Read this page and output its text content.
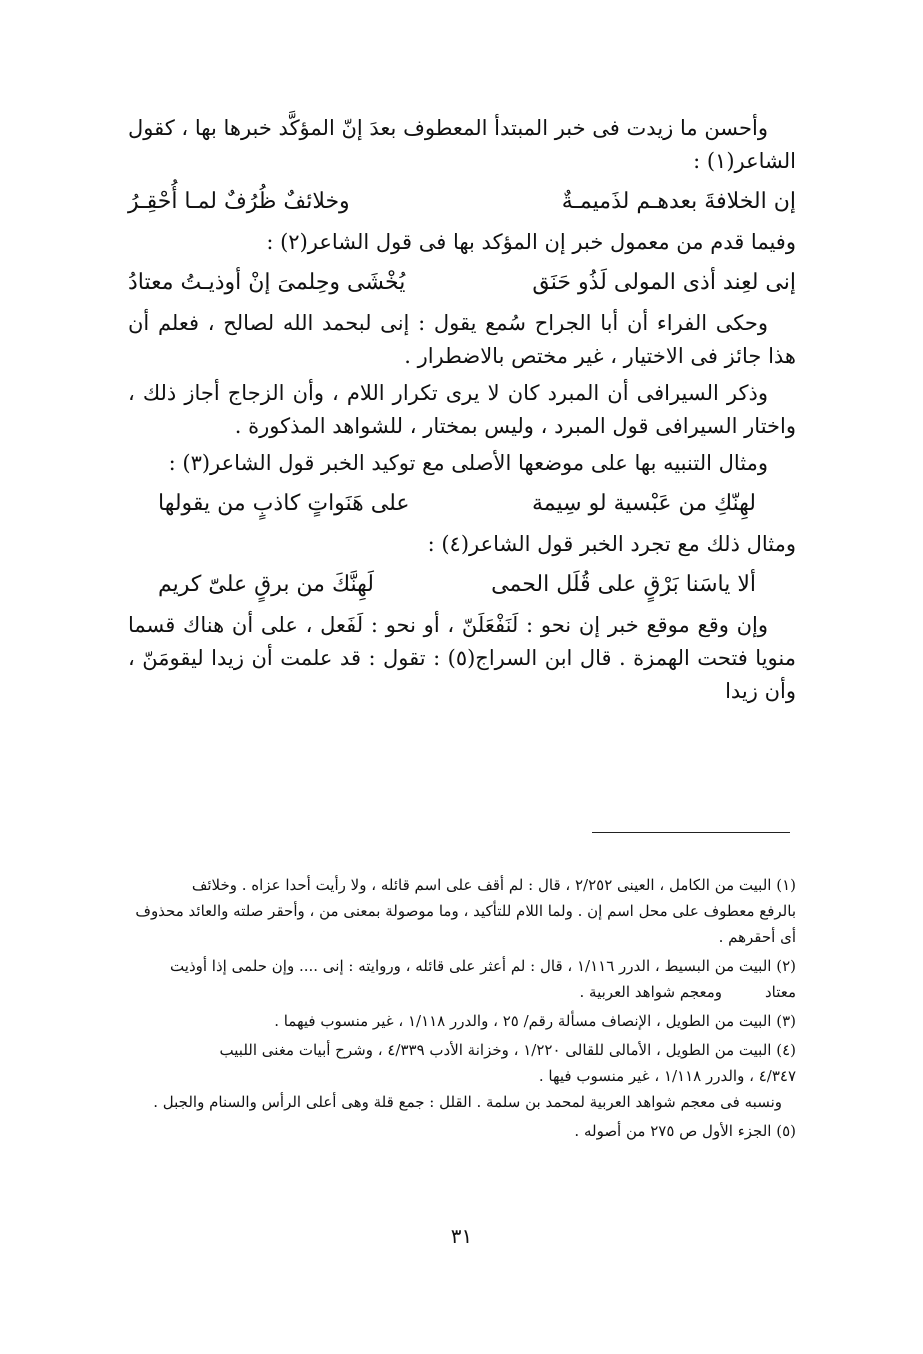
وأحسن ما زيدت فى خبر المبتدأ المعطوف بعدَ إنّ المؤكَّد خبرها بها ، كقول الشاعر(١) :

إن الخلافةَ بعدهـم لذَميمـةٌ
وخلائفٌ ظُرُفٌ لمـا أُحْقِـرُ

وفيما قدم من معمول خبر إن المؤكد بها فى قول الشاعر(٢) :

إنى لعِند أذى المولى لَذُو حَنَق
يُخْشَى وحِلمىَ إنْ أوذيـتُ معتادُ

وحكى الفراء أن أبا الجراح سُمع يقول : إنى لبحمد الله لصالح ، فعلم أن هذا جائز فى الاختيار ، غير مختص بالاضطرار .

وذكر السيرافى أن المبرد كان لا يرى تكرار اللام ، وأن الزجاج أجاز ذلك ، واختار السيرافى قول المبرد ، وليس بمختار ، للشواهد المذكورة .

ومثال التنبيه بها على موضعها الأصلى مع توكيد الخبر قول الشاعر(٣) :

لهِنّكِ من عَبْسية لو سِيمة
على هَنَواتٍ كاذبٍ من يقولها

ومثال ذلك مع تجرد الخبر قول الشاعر(٤) :

ألا ياسَنا بَرْقٍ على قُلَل الحمى
لَهِنَّكَ من برقٍ علىّ كريم

وإن وقع موقع خبر إن نحو : لَنَفْعَلَنّ ، أو نحو : لَفَعل ، على أن هناك قسما منويا فتحت الهمزة . قال ابن السراج(٥) : تقول : قد علمت أن زيدا ليقومَنّ ، وأن زيدا

(١) البيت من الكامل ، العينى ٢/٢٥٢ ، قال : لم أقف على اسم قائله ، ولا رأيت أحدا عزاه . وخلائف
بالرفع معطوف على محل اسم إن . ولما اللام للتأكيد ، وما موصولة بمعنى من ، وأحقر صلته والعائد محذوف
أى أحقرهم .
(٢) البيت من البسيط ، الدرر ١/١١٦ ، قال : لم أعثر على قائله ، وروايته : إنى .... وإن حلمى إذا أوذيت
معتاد         ومعجم شواهد العربية .
(٣) البيت من الطويل ، الإنصاف مسألة رقم/ ٢٥ ، والدرر ١/١١٨ ، غير منسوب فيهما .
(٤) البيت من الطويل ، الأمالى للقالى ١/٢٢٠ ، وخزانة الأدب ٤/٣٣٩ ، وشرح أبيات مغنى اللبيب
٤/٣٤٧ ، والدرر ١/١١٨ ، غير منسوب فيها .
ونسبه فى معجم شواهد العربية لمحمد بن سلمة . القلل : جمع قلة وهى أعلى الرأس والسنام والجبل .
(٥) الجزء الأول ص ٢٧٥ من أصوله .
٣١
